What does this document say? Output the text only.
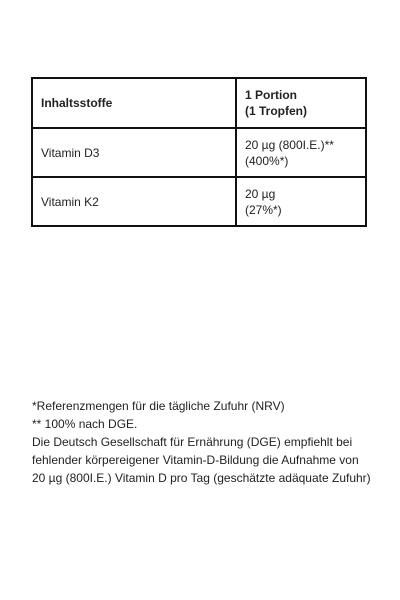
Inhaltsstoffe	1 Portion
(1 Tropfen)

Vitamin D3	20 µg (800I.E.)**
(400%*)

Vitamin K2	20 µg
(27%*)

*Referenzmengen für die tägliche Zufuhr (NRV)

** 100% nach DGE.

Die Deutsch Gesellschaft für Ernährung (DGE) empfiehlt bei fehlender körpereigener Vitamin-D-Bildung die Aufnahme von 20 µg (800I.E.) Vitamin D pro Tag (geschätzte adäquate Zufuhr)
